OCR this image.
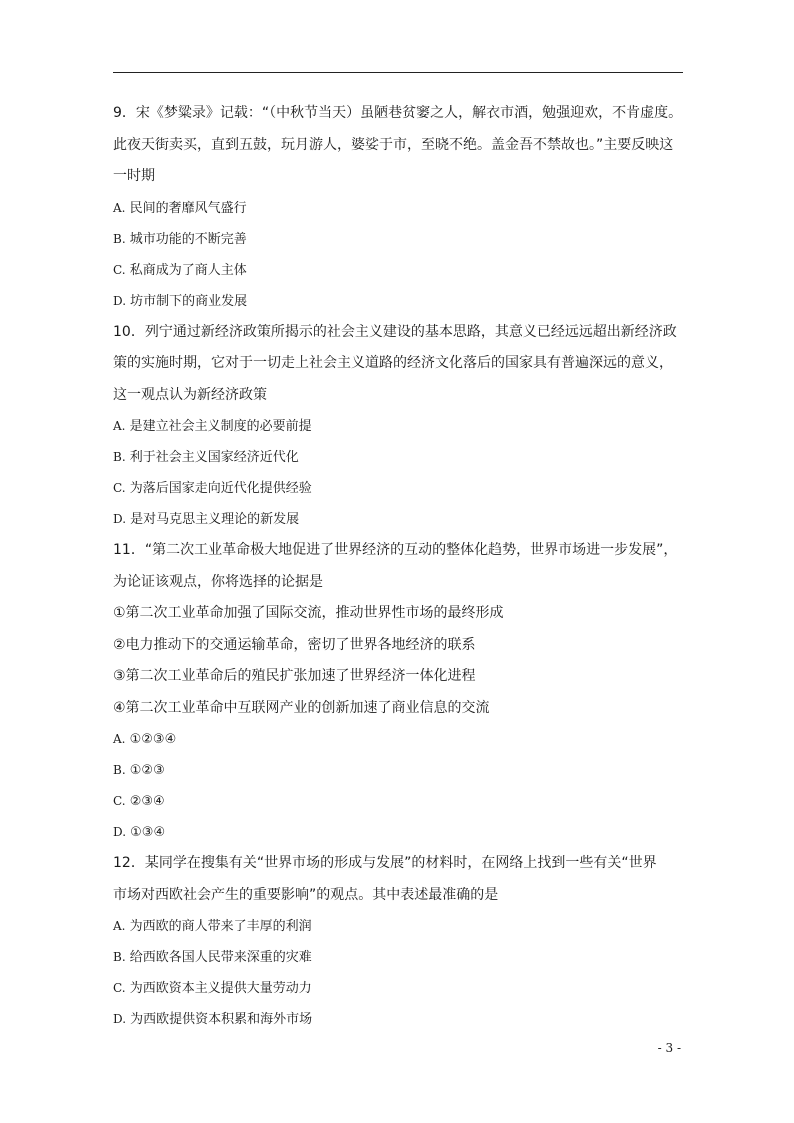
9．宋《梦粱录》记载：“（中秋节当天）虽陋巷贫窭之人，解衣市酒，勉强迎欢，不肯虚度。

此夜天街卖买，直到五鼓，玩月游人，婆娑于市，至晓不绝。盖金吾不禁故也。”主要反映这

一时期

A. 民间的奢靡风气盛行

B. 城市功能的不断完善

C. 私商成为了商人主体

D. 坊市制下的商业发展

10．列宁通过新经济政策所揭示的社会主义建设的基本思路，其意义已经远远超出新经济政

策的实施时期，它对于一切走上社会主义道路的经济文化落后的国家具有普遍深远的意义，

这一观点认为新经济政策

A. 是建立社会主义制度的必要前提

B. 利于社会主义国家经济近代化

C. 为落后国家走向近代化提供经验

D. 是对马克思主义理论的新发展

11．“第二次工业革命极大地促进了世界经济的互动的整体化趋势，世界市场进一步发展”，

为论证该观点，你将选择的论据是

①第二次工业革命加强了国际交流，推动世界性市场的最终形成

②电力推动下的交通运输革命，密切了世界各地经济的联系

③第二次工业革命后的殖民扩张加速了世界经济一体化进程

④第二次工业革命中互联网产业的创新加速了商业信息的交流

A. ①②③④

B. ①②③

C. ②③④

D. ①③④

12．某同学在搜集有关“世界市场的形成与发展”的材料时，在网络上找到一些有关“世界

市场对西欧社会产生的重要影响”的观点。其中表述最准确的是

A. 为西欧的商人带来了丰厚的利润

B. 给西欧各国人民带来深重的灾难

C. 为西欧资本主义提供大量劳动力

D. 为西欧提供资本积累和海外市场

- 3 -
